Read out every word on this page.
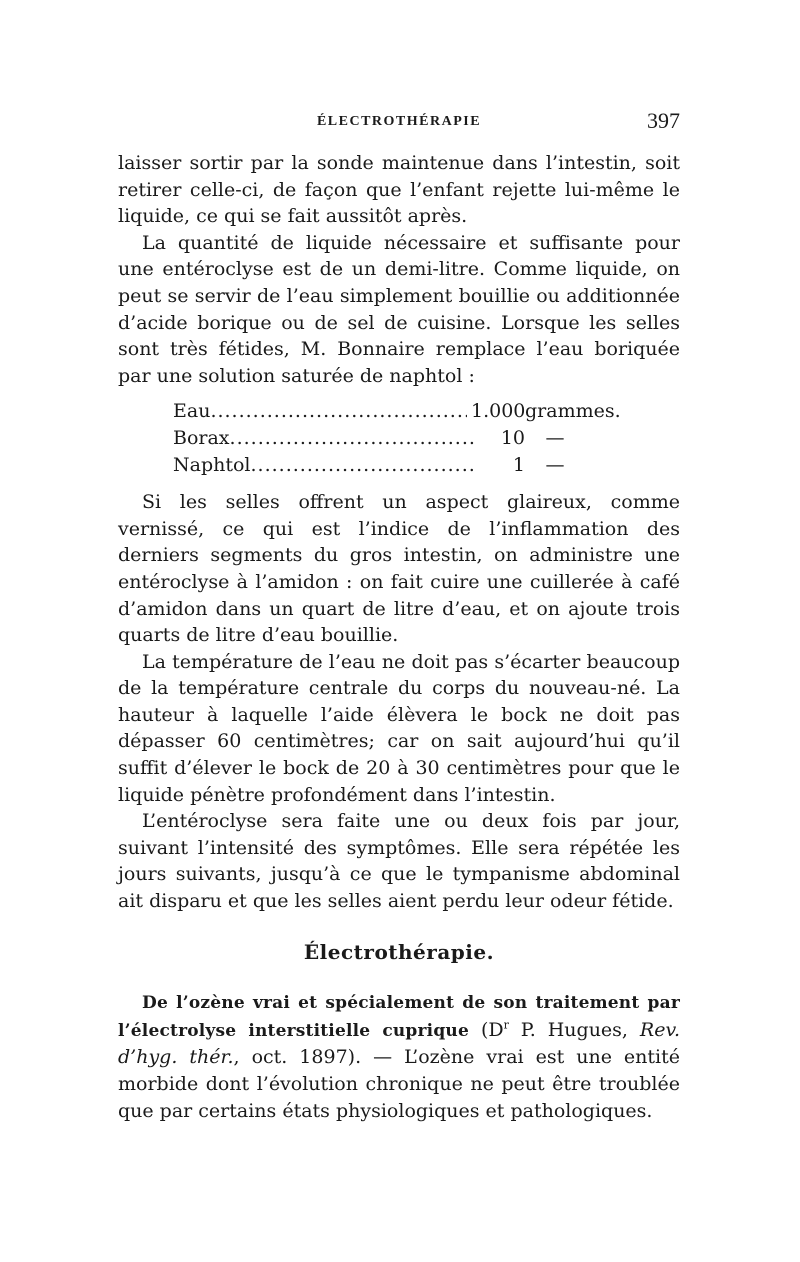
ÉLECTROTHÉRAPIE	397

laisser sortir par la sonde maintenue dans l’intestin, soit retirer celle-ci, de façon que l’enfant rejette lui-même le liquide, ce qui se fait aussitôt après.

La quantité de liquide nécessaire et suffisante pour une entéroclyse est de un demi-litre. Comme liquide, on peut se servir de l’eau simplement bouillie ou additionnée d’acide borique ou de sel de cuisine. Lorsque les selles sont très fétides, M. Bonnaire remplace l’eau boriquée par une solution saturée de naphtol :

Eau .....	1.000 grammes.
Borax .....	10	—
Naphtol .....	1	—

Si les selles offrent un aspect glaireux, comme vernissé, ce qui est l’indice de l’inflammation des derniers segments du gros intestin, on administre une entéroclyse à l’amidon : on fait cuire une cuillerée à café d’amidon dans un quart de litre d’eau, et on ajoute trois quarts de litre d’eau bouillie.

La température de l’eau ne doit pas s’écarter beaucoup de la température centrale du corps du nouveau-né. La hauteur à laquelle l’aide élèvera le bock ne doit pas dépasser 60 centimètres; car on sait aujourd’hui qu’il suffit d’élever le bock de 20 à 30 centimètres pour que le liquide pénètre profondément dans l’intestin.

L’entéroclyse sera faite une ou deux fois par jour, suivant l’intensité des symptômes. Elle sera répétée les jours suivants, jusqu’à ce que le tympanisme abdominal ait disparu et que les selles aient perdu leur odeur fétide.

Électrothérapie.

De l’ozène vrai et spécialement de son traitement par l’électrolyse interstitielle cuprique ($D^r$ P. Hugues, Rev. d’hyg. thér., oct. 1897). — L’ozène vrai est une entité morbide dont l’évolution chronique ne peut être troublée que par certains états physiologiques et pathologiques.
